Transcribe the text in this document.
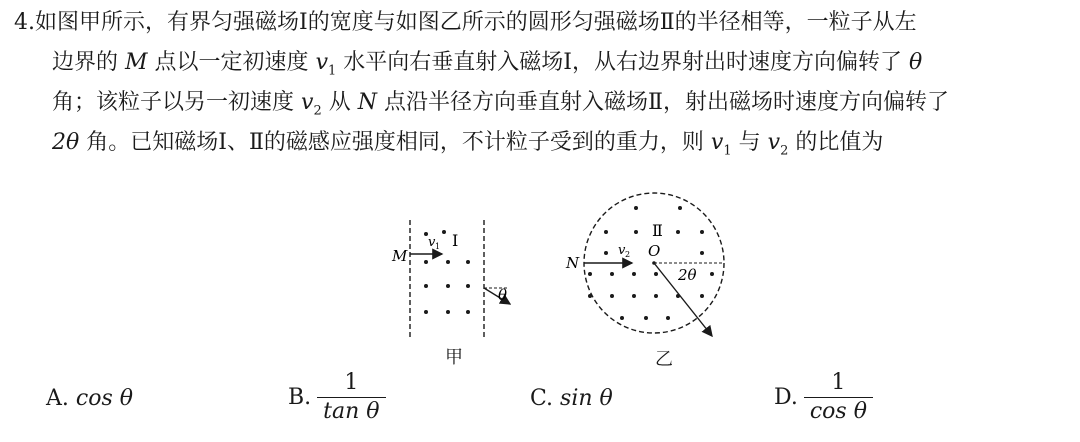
4.如图甲所示，有界匀强磁场Ⅰ的宽度与如图乙所示的圆形匀强磁场Ⅱ的半径相等，一粒子从左
边界的 M 点以一定初速度 $v_1$ 水平向右垂直射入磁场Ⅰ，从右边界射出时速度方向偏转了 θ
角；该粒子以另一初速度 $v_2$ 从 N 点沿半径方向垂直射入磁场Ⅱ，射出磁场时速度方向偏转了
2θ 角。已知磁场Ⅰ、Ⅱ的磁感应强度相同，不计粒子受到的重力，则 $v_1$ 与 $v_2$ 的比值为
M
v 1 Ⅰ
θ
甲
N
v 2 O
Ⅱ
2θ
乙
A.
cos θ	B. $\frac{1}{\text{tan θ}}$	C.
sin θ	D. $\frac{1}{\text{cos θ}}$
